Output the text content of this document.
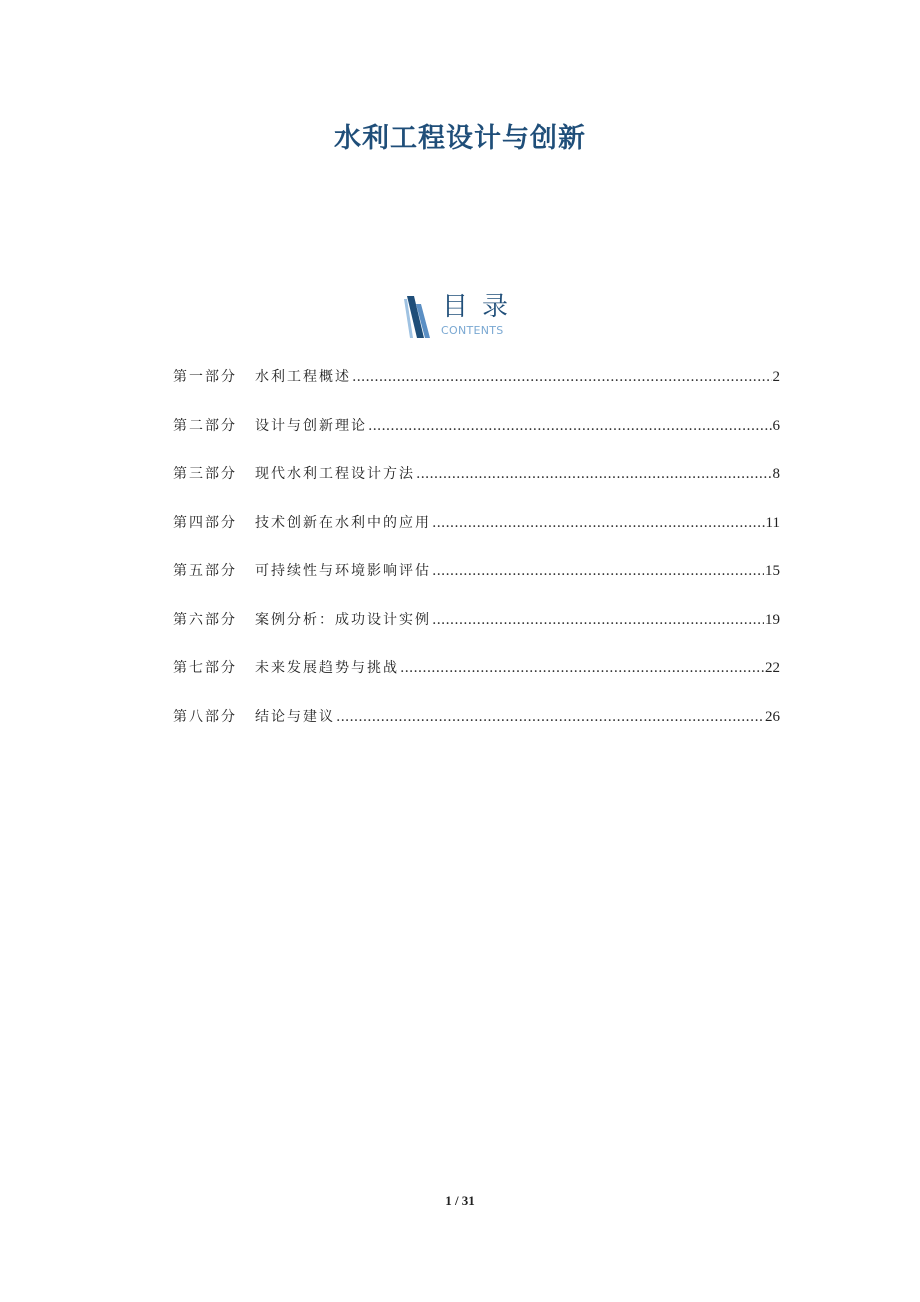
水利工程设计与创新
目录
CONTENTS
第一部分	水利工程概述 .....	2
第二部分	设计与创新理论 .....	6
第三部分	现代水利工程设计方法 .....	8
第四部分	技术创新在水利中的应用 .....	11
第五部分	可持续性与环境影响评估 .....	15
第六部分	案例分析：成功设计实例 .....	19
第七部分	未来发展趋势与挑战 .....	22
第八部分	结论与建议 .....	26
1 / 31
